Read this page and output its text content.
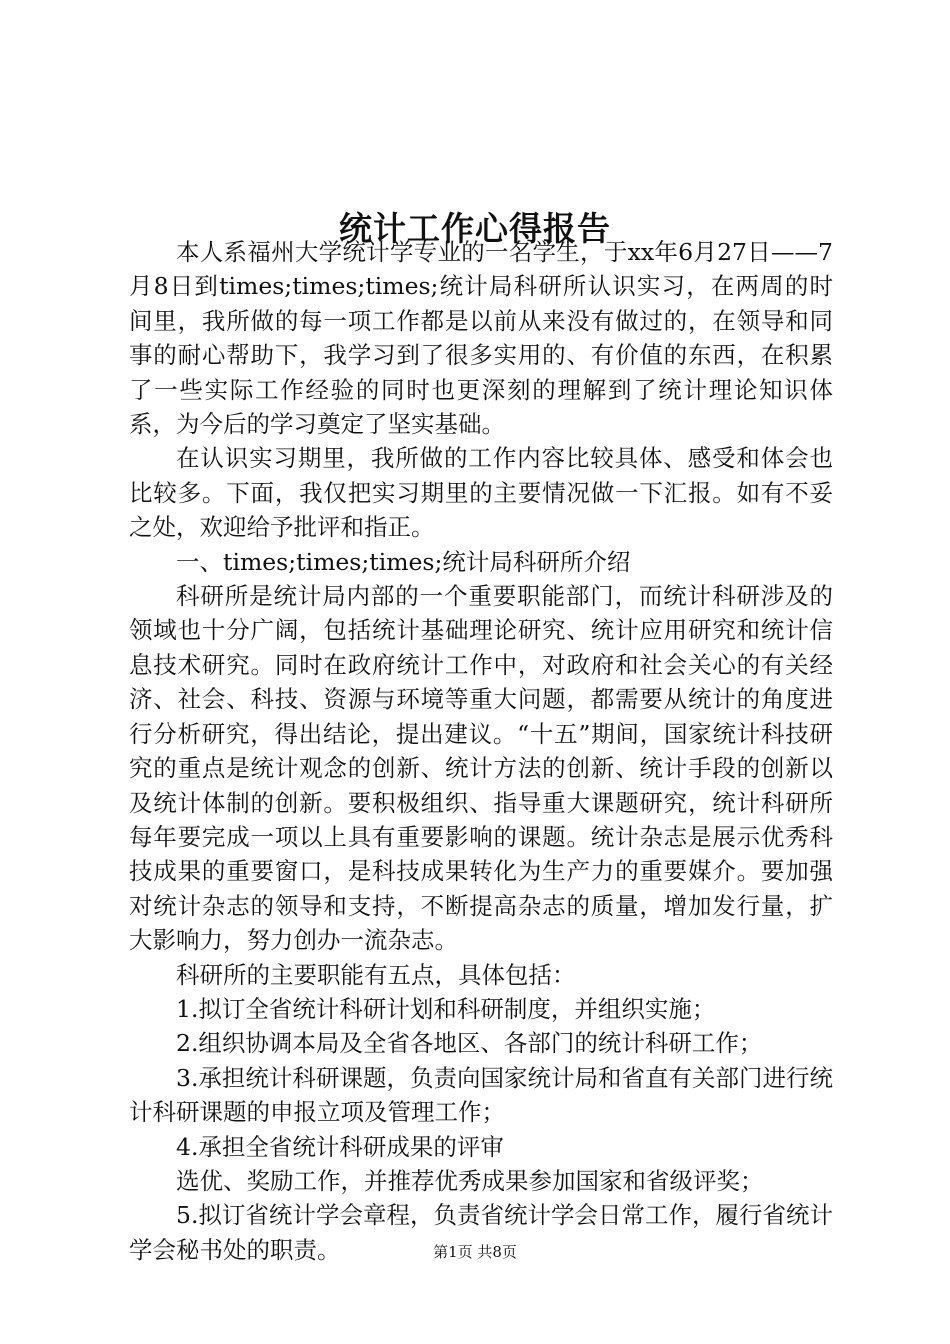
统计工作心得报告

本人系福州大学统计学专业的一名学生，于xx年6月27日——7月8日到times;times;times;统计局科研所认识实习，在两周的时间里，我所做的每一项工作都是以前从来没有做过的，在领导和同事的耐心帮助下，我学习到了很多实用的、有价值的东西，在积累了一些实际工作经验的同时也更深刻的理解到了统计理论知识体系，为今后的学习奠定了坚实基础。

在认识实习期里，我所做的工作内容比较具体、感受和体会也比较多。下面，我仅把实习期里的主要情况做一下汇报。如有不妥之处，欢迎给予批评和指正。

一、times;times;times;统计局科研所介绍

科研所是统计局内部的一个重要职能部门，而统计科研涉及的领域也十分广阔，包括统计基础理论研究、统计应用研究和统计信息技术研究。同时在政府统计工作中，对政府和社会关心的有关经济、社会、科技、资源与环境等重大问题，都需要从统计的角度进行分析研究，得出结论，提出建议。“十五”期间，国家统计科技研究的重点是统计观念的创新、统计方法的创新、统计手段的创新以及统计体制的创新。要积极组织、指导重大课题研究，统计科研所每年要完成一项以上具有重要影响的课题。统计杂志是展示优秀科技成果的重要窗口，是科技成果转化为生产力的重要媒介。要加强对统计杂志的领导和支持，不断提高杂志的质量，增加发行量，扩大影响力，努力创办一流杂志。

科研所的主要职能有五点，具体包括：

1.拟订全省统计科研计划和科研制度，并组织实施；

2.组织协调本局及全省各地区、各部门的统计科研工作；

3.承担统计科研课题，负责向国家统计局和省直有关部门进行统计科研课题的申报立项及管理工作；

4.承担全省统计科研成果的评审

选优、奖励工作，并推荐优秀成果参加国家和省级评奖；

5.拟订省统计学会章程，负责省统计学会日常工作，履行省统计学会秘书处的职责。	第1页 共8页
